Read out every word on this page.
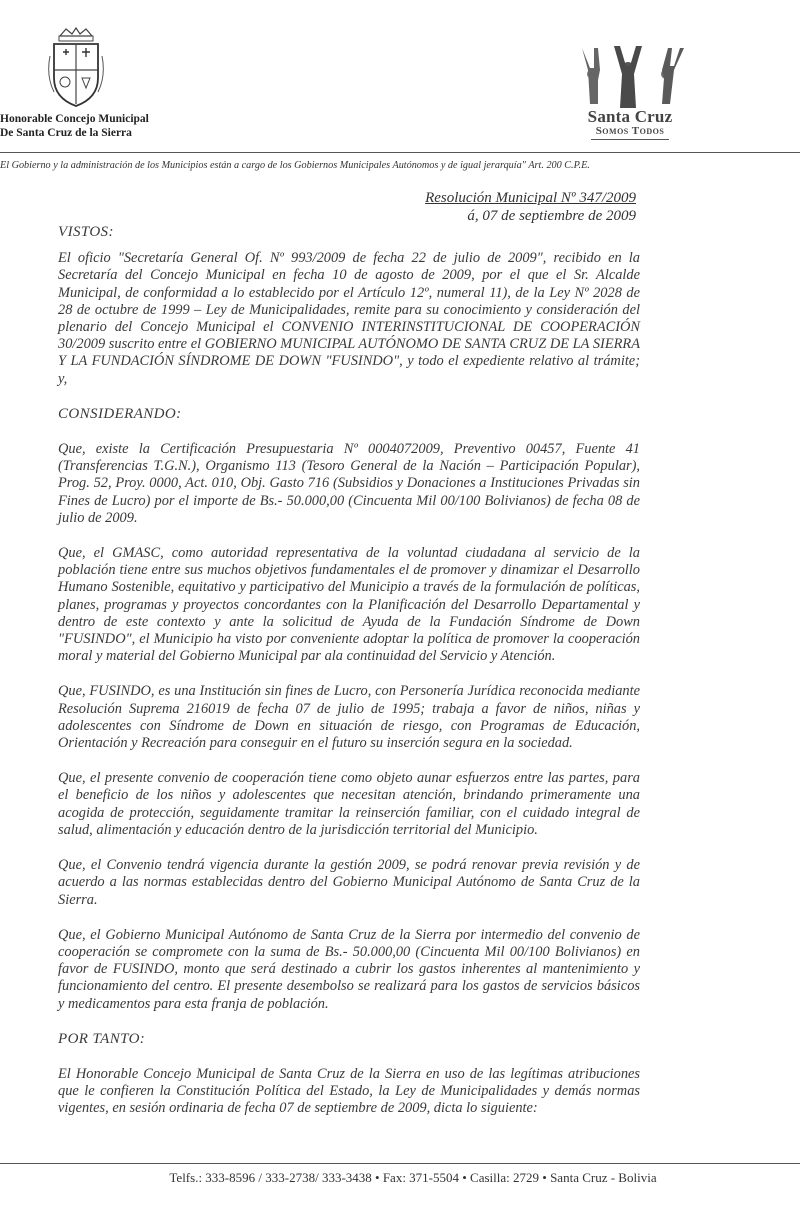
Honorable Concejo Municipal
De Santa Cruz de la Sierra
Santa Cruz
Somos Todos
El Gobierno y la administración de los Municipios están a cargo de los Gobiernos Municipales Autónomos y de igual jerarquía" Art. 200 C.P.E.
Resolución Municipal Nº 347/2009
á, 07 de septiembre de 2009
VISTOS:

El oficio "Secretaría General Of. Nº 993/2009 de fecha 22 de julio de 2009", recibido en la Secretaría del Concejo Municipal en fecha 10 de agosto de 2009, por el que el Sr. Alcalde Municipal, de conformidad a lo establecido por el Artículo 12º, numeral 11), de la Ley Nº 2028 de 28 de octubre de 1999 – Ley de Municipalidades, remite para su conocimiento y consideración del plenario del Concejo Municipal el CONVENIO INTERINSTITUCIONAL DE COOPERACIÓN 30/2009 suscrito entre el GOBIERNO MUNICIPAL AUTÓNOMO DE SANTA CRUZ DE LA SIERRA Y LA FUNDACIÓN SÍNDROME DE DOWN "FUSINDO", y todo el expediente relativo al trámite; y,

CONSIDERANDO:

Que, existe la Certificación Presupuestaria Nº 0004072009, Preventivo 00457, Fuente 41 (Transferencias T.G.N.), Organismo 113 (Tesoro General de la Nación – Participación Popular), Prog. 52, Proy. 0000, Act. 010, Obj. Gasto 716 (Subsidios y Donaciones a Instituciones Privadas sin Fines de Lucro) por el importe de Bs.- 50.000,00 (Cincuenta Mil 00/100 Bolivianos) de fecha 08 de julio de 2009.

Que, el GMASC, como autoridad representativa de la voluntad ciudadana al servicio de la población tiene entre sus muchos objetivos fundamentales el de promover y dinamizar el Desarrollo Humano Sostenible, equitativo y participativo del Municipio a través de la formulación de políticas, planes, programas y proyectos concordantes con la Planificación del Desarrollo Departamental y dentro de este contexto y ante la solicitud de Ayuda de la Fundación Síndrome de Down "FUSINDO", el Municipio ha visto por conveniente adoptar la política de promover la cooperación moral y material del Gobierno Municipal par ala continuidad del Servicio y Atención.

Que, FUSINDO, es una Institución sin fines de Lucro, con Personería Jurídica reconocida mediante Resolución Suprema 216019 de fecha 07 de julio de 1995; trabaja a favor de niños, niñas y adolescentes con Síndrome de Down en situación de riesgo, con Programas de Educación, Orientación y Recreación para conseguir en el futuro su inserción segura en la sociedad.

Que, el presente convenio de cooperación tiene como objeto aunar esfuerzos entre las partes, para el beneficio de los niños y adolescentes que necesitan atención, brindando primeramente una acogida de protección, seguidamente tramitar la reinserción familiar, con el cuidado integral de salud, alimentación y educación dentro de la jurisdicción territorial del Municipio.

Que, el Convenio tendrá vigencia durante la gestión 2009, se podrá renovar previa revisión y de acuerdo a las normas establecidas dentro del Gobierno Municipal Autónomo de Santa Cruz de la Sierra.

Que, el Gobierno Municipal Autónomo de Santa Cruz de la Sierra por intermedio del convenio de cooperación se compromete con la suma de Bs.- 50.000,00 (Cincuenta Mil 00/100 Bolivianos) en favor de FUSINDO, monto que será destinado a cubrir los gastos inherentes al mantenimiento y funcionamiento del centro. El presente desembolso se realizará para los gastos de servicios básicos y medicamentos para esta franja de población.

POR TANTO:

El Honorable Concejo Municipal de Santa Cruz de la Sierra en uso de las legítimas atribuciones que le confieren la Constitución Política del Estado, la Ley de Municipalidades y demás normas vigentes, en sesión ordinaria de fecha 07 de septiembre de 2009, dicta lo siguiente:

Telfs.: 333-8596 / 333-2738/ 333-3438 • Fax: 371-5504 • Casilla: 2729 • Santa Cruz - Bolivia
